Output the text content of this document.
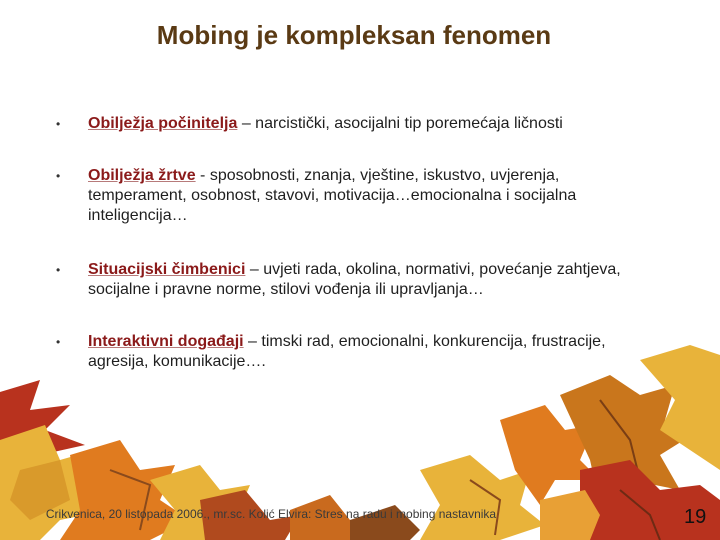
Mobing je kompleksan fenomen
• Obilježja počinitelja – narcistički, asocijalni tip poremećaja ličnosti
• Obilježja žrtve - sposobnosti, znanja, vještine, iskustvo, uvjerenja, temperament, osobnost, stavovi, motivacija…emocionalna i socijalna inteligencija…
• Situacijski čimbenici – uvjeti rada, okolina, normativi, povećanje zahtjeva, socijalne i pravne norme, stilovi vođenja ili upravljanja…
• Interaktivni događaji – timski rad, emocionalni, konkurencija, frustracije, agresija, komunikacije….
Crikvenica, 20 listopada 2006., mr.sc. Kolić Elvira: Stres na radu i mobing nastavnika	19
